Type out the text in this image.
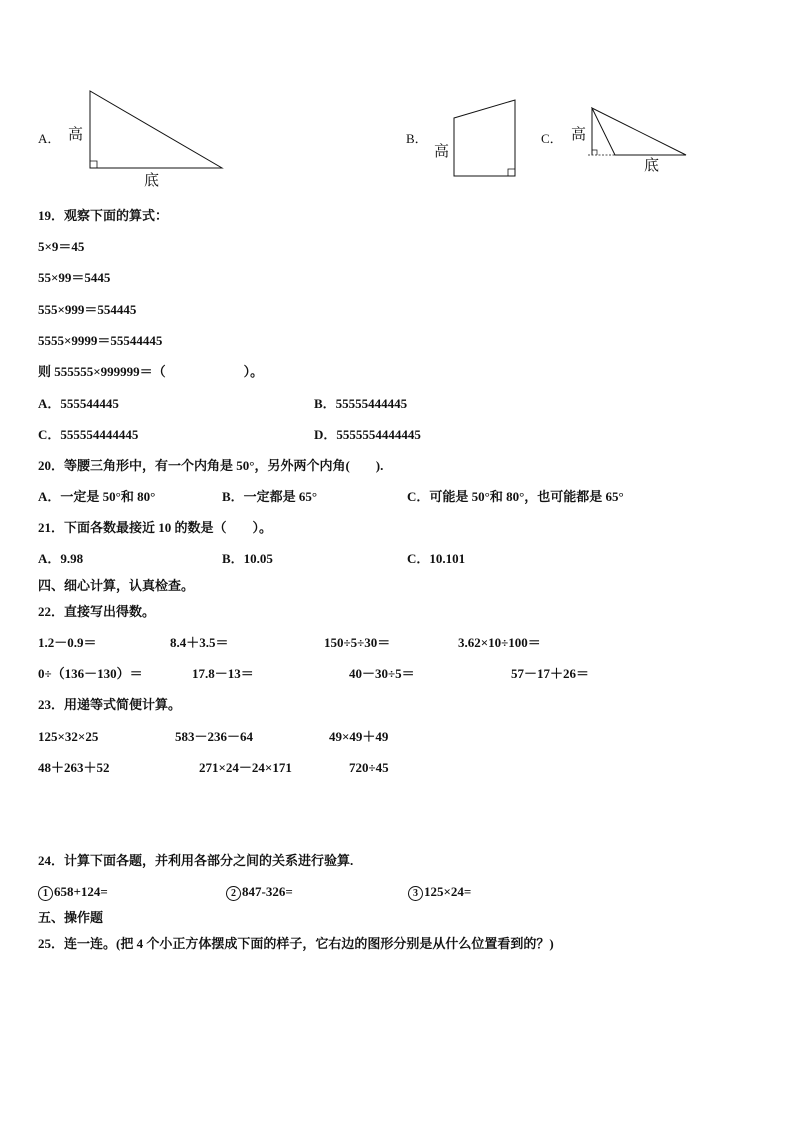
A． 高
底
B．
高
C． 高
底
19．观察下面的算式：
5×9＝45
55×99＝5445
555×999＝554445
5555×9999＝55544445
则 555555×999999＝（　　　　　　）。
A．555544445	B．55555444445
C．555554444445	D．5555554444445
20．等腰三角形中，有一个内角是 50°，另外两个内角(　　).
A．一定是 50°和 80°	B．一定都是 65°	C．可能是 50°和 80°，也可能都是 65°
21．下面各数最接近 10 的数是（　　）。
A．9.98	B．10.05	C．10.101
四、细心计算，认真检查。
22．直接写出得数。
1.2－0.9＝	8.4＋3.5＝	150÷5÷30＝	3.62×10÷100＝
0÷（136－130）＝	17.8－13＝	40－30÷5＝	57－17＋26＝
23．用递等式简便计算。
125×32×25	583－236－64	49×49＋49
48＋263＋52	271×24－24×171	720÷45
24．计算下面各题，并利用各部分之间的关系进行验算.
1 658+124=	2 847-326=	3 125×24=
五、操作题
25．连一连。(把 4 个小正方体摆成下面的样子，它右边的图形分别是从什么位置看到的？)
